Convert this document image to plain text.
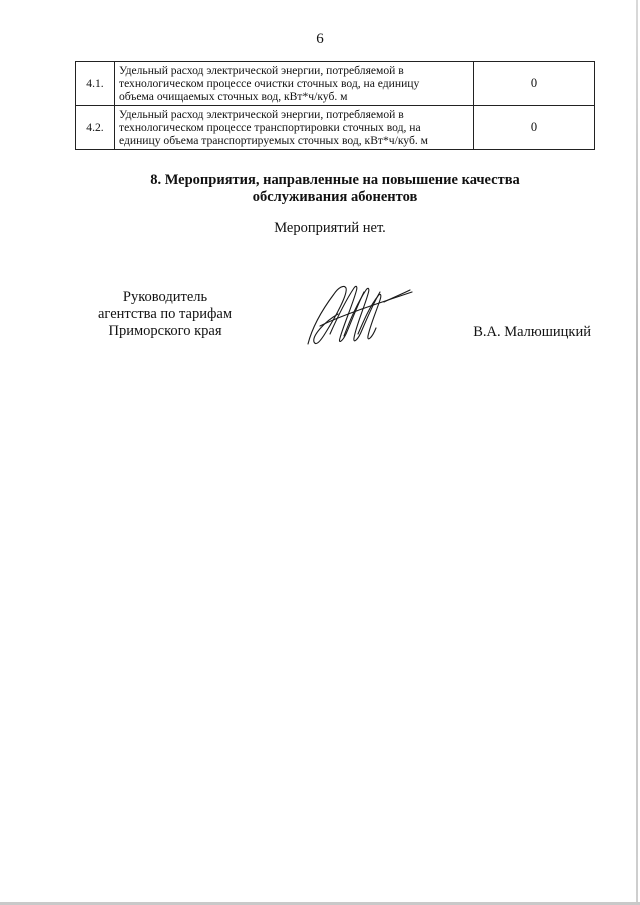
6
4.1.	Удельный расход электрической энергии, потребляемой в
технологическом процессе очистки сточных вод, на единицу
объема очищаемых сточных вод, кВт*ч/куб. м	0
4.2.	Удельный расход электрической энергии, потребляемой в
технологическом процессе транспортировки сточных вод, на
единицу объема транспортируемых сточных вод, кВт*ч/куб. м	0
8. Мероприятия, направленные на повышение качества
обслуживания абонентов
Мероприятий нет.
Руководитель
агентства по тарифам
Приморского края	В.А. Малюшицкий
